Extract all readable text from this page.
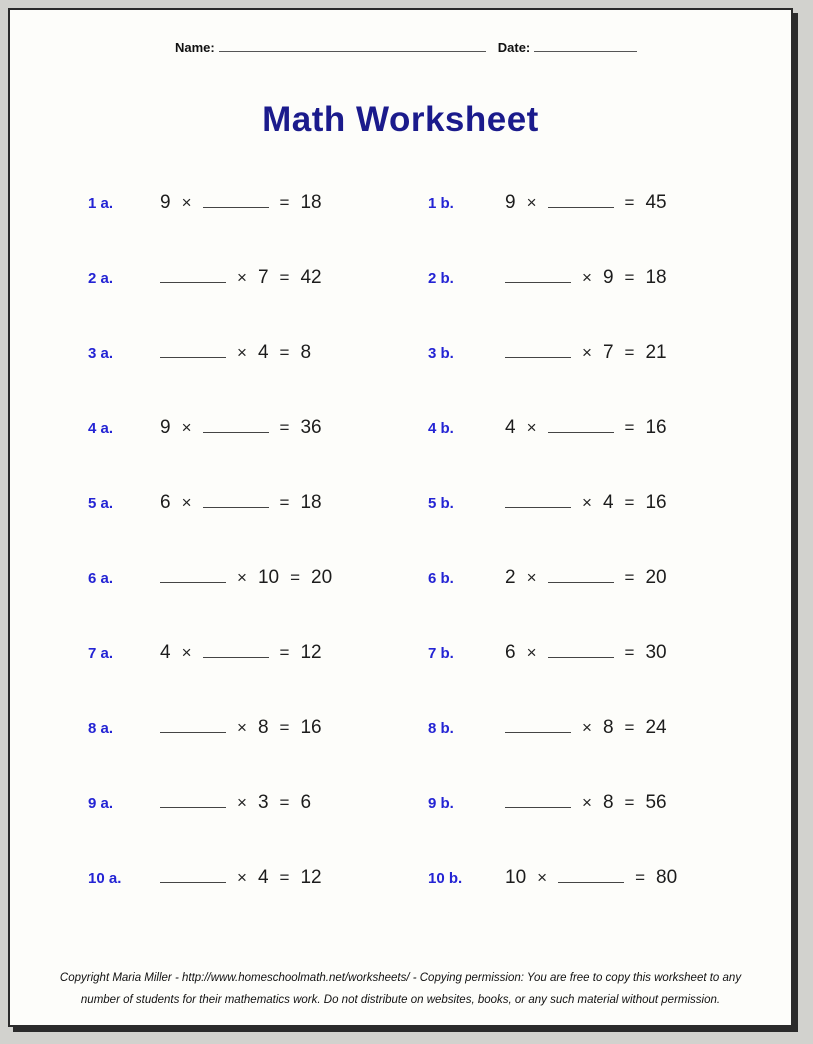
Name:	Date:
Math Worksheet
1 a.	9 ×	= 18	1 b.	9 ×	= 45
2 a.	× 7 = 42	2 b.	× 9 = 18
3 a.	× 4 = 8	3 b.	× 7 = 21
4 a.	9 ×	= 36	4 b.	4 ×	= 16
5 a.	6 ×	= 18	5 b.	× 4 = 16
6 a.	× 10 = 20	6 b.	2 ×	= 20
7 a.	4 ×	= 12	7 b.	6 ×	= 30
8 a.	× 8 = 16	8 b.	× 8 = 24
9 a.	× 3 = 6	9 b.	× 8 = 56
10 a.	× 4 = 12	10 b.	10 ×	= 80
Copyright Maria Miller - http://www.homeschoolmath.net/worksheets/ - Copying permission: You are free to copy this worksheet to any
number of students for their mathematics work. Do not distribute on websites, books, or any such material without permission.
